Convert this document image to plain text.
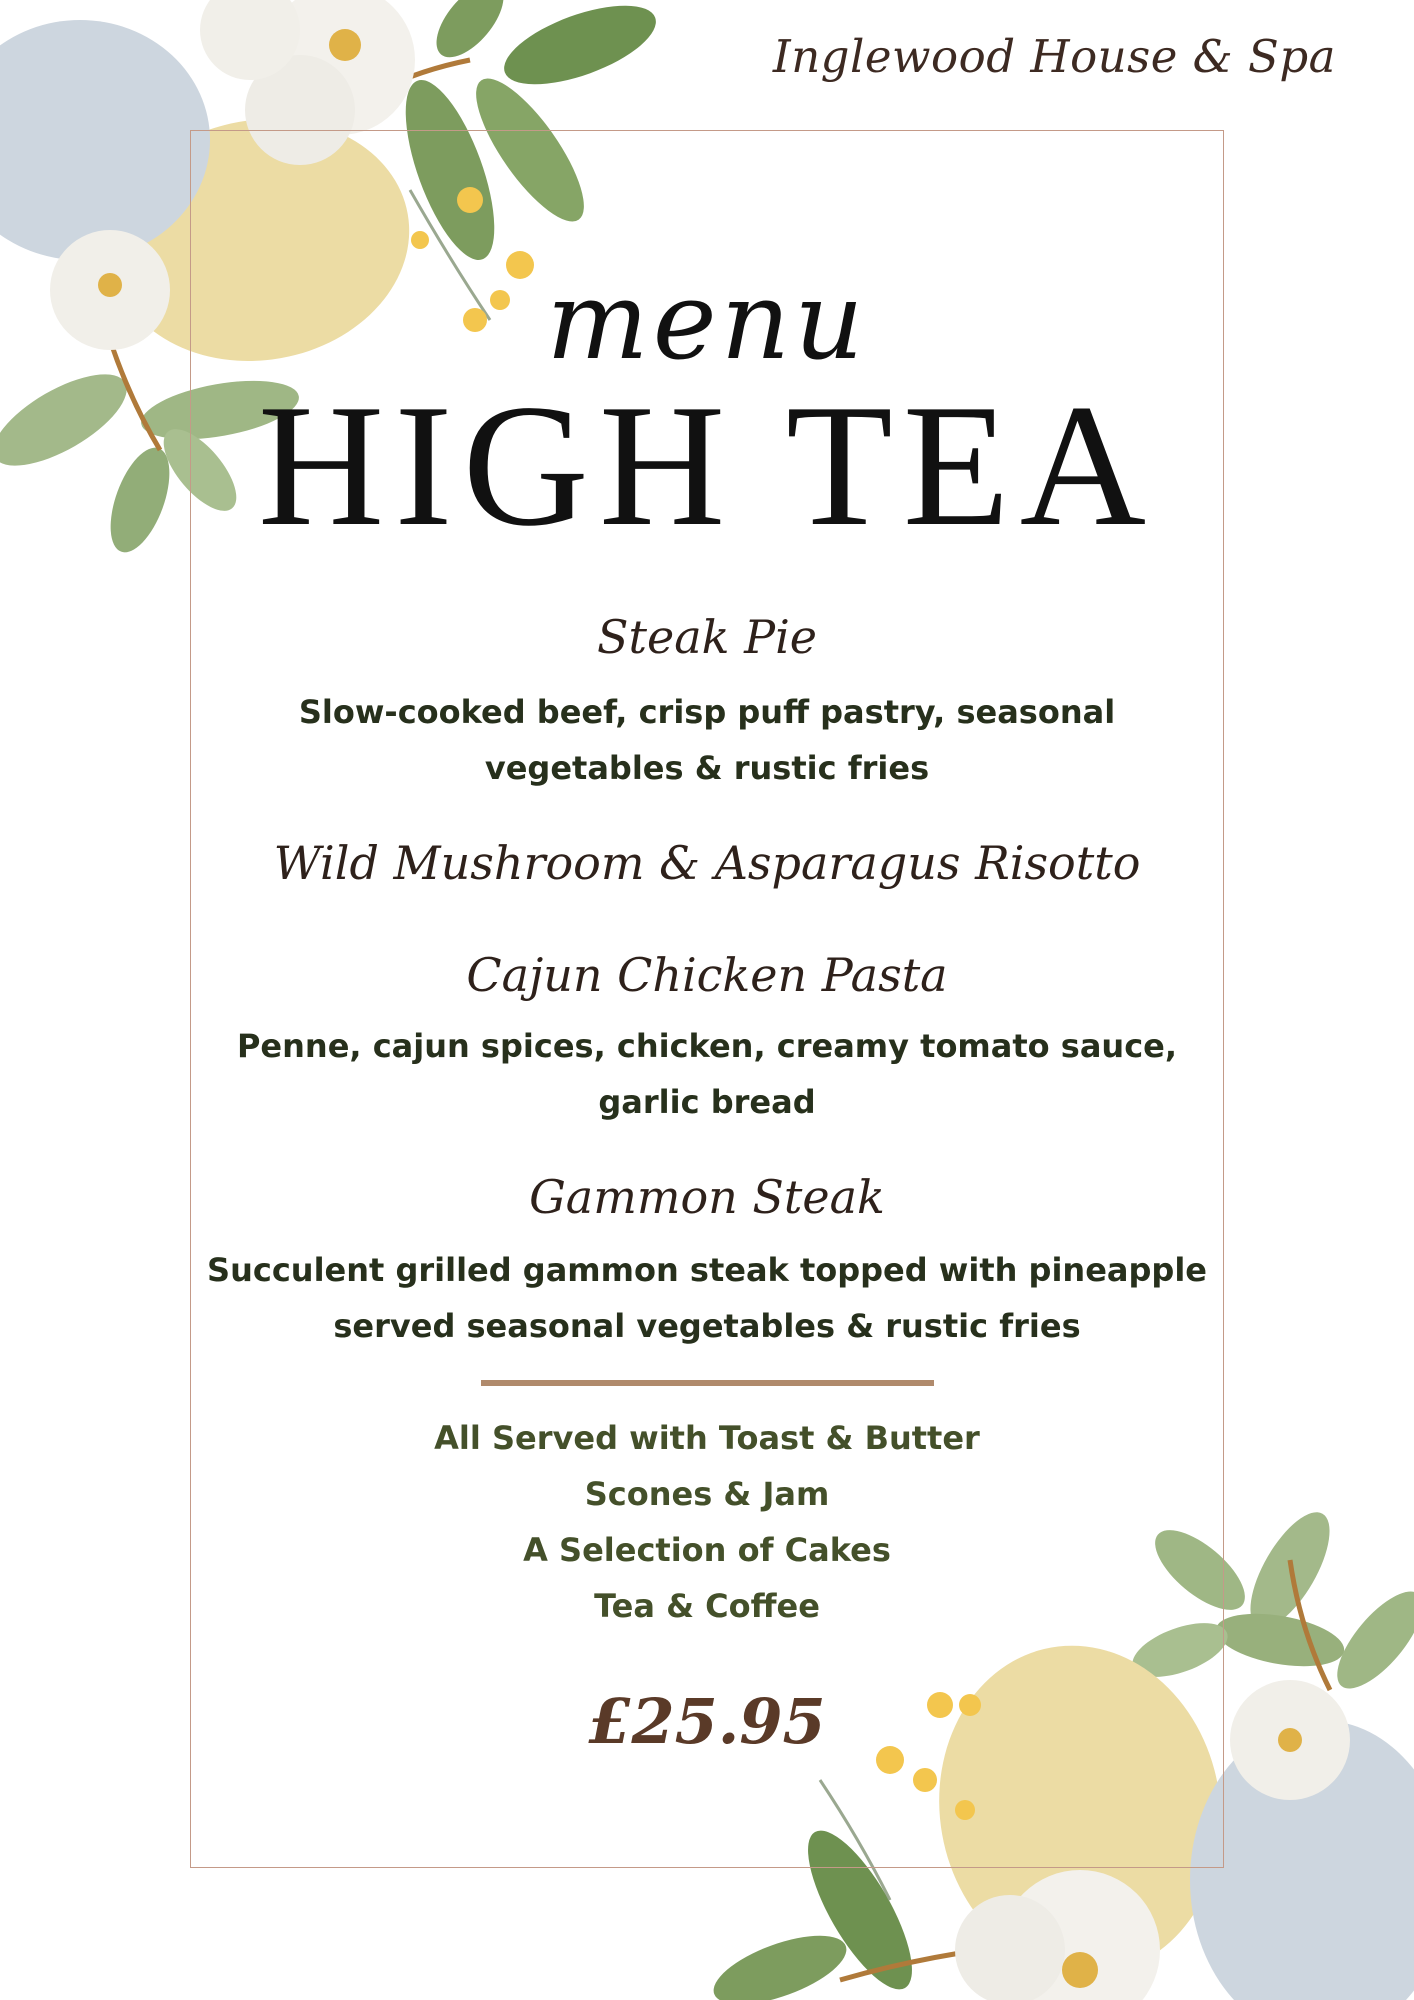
Inglewood House & Spa
menu
HIGH TEA
Steak Pie
Slow-cooked beef, crisp puff pastry, seasonal
vegetables & rustic fries
Wild Mushroom & Asparagus Risotto
Cajun Chicken Pasta
Penne, cajun spices, chicken, creamy tomato sauce,
garlic bread
Gammon Steak
Succulent grilled gammon steak topped with pineapple
served seasonal vegetables & rustic fries
All Served with Toast & Butter
Scones & Jam
A Selection of Cakes
Tea & Coffee
£25.95
